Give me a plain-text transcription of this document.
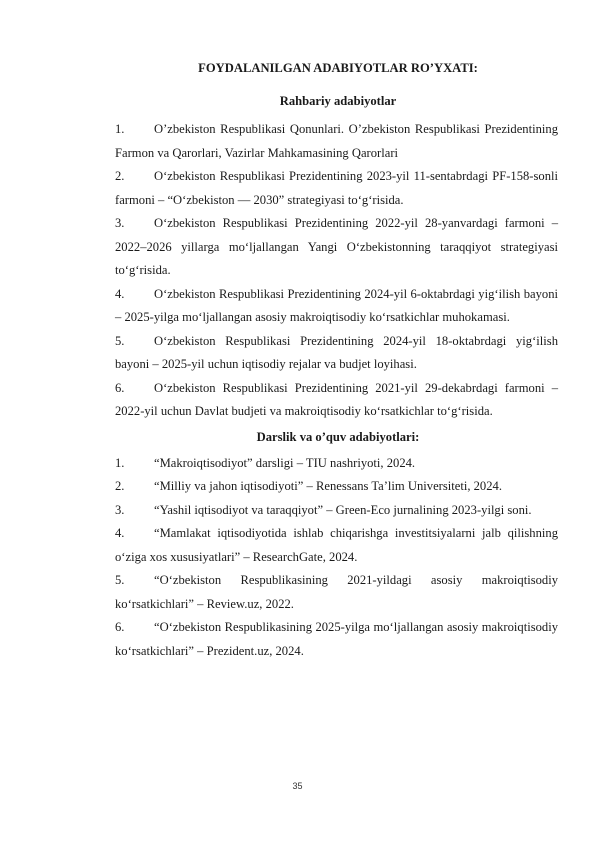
FOYDALANILGAN ADABIYOTLAR RO’YXATI:
Rahbariy adabiyotlar
1. O’zbekiston Respublikasi Qonunlari. O’zbekiston Respublikasi Prezidentining Farmon va Qarorlari, Vazirlar Mahkamasining Qarorlari
2. O‘zbekiston Respublikasi Prezidentining 2023-yil 11-sentabrdagi PF-158-sonli farmoni – “O‘zbekiston — 2030” strategiyasi to‘g‘risida.
3. O‘zbekiston Respublikasi Prezidentining 2022-yil 28-yanvardagi farmoni – 2022–2026 yillarga mo‘ljallangan Yangi O‘zbekistonning taraqqiyot strategiyasi to‘g‘risida.
4. O‘zbekiston Respublikasi Prezidentining 2024-yil 6-oktabrdagi yig‘ilish bayoni – 2025-yilga mo‘ljallangan asosiy makroiqtisodiy ko‘rsatkichlar muhokamasi.
5. O‘zbekiston Respublikasi Prezidentining 2024-yil 18-oktabrdagi yig‘ilish bayoni – 2025-yil uchun iqtisodiy rejalar va budjet loyihasi.
6. O‘zbekiston Respublikasi Prezidentining 2021-yil 29-dekabrdagi farmoni – 2022-yil uchun Davlat budjeti va makroiqtisodiy ko‘rsatkichlar to‘g‘risida.
Darslik va o’quv adabiyotlari:
1. “Makroiqtisodiyot” darsligi – TIU nashriyoti, 2024.
2. “Milliy va jahon iqtisodiyoti” – Renessans Ta’lim Universiteti, 2024.
3. “Yashil iqtisodiyot va taraqqiyot” – Green-Eco jurnalining 2023-yilgi soni.
4. “Mamlakat iqtisodiyotida ishlab chiqarishga investitsiyalarni jalb qilishning o‘ziga xos xususiyatlari” – ResearchGate, 2024.
5. “O‘zbekiston Respublikasining 2021-yildagi asosiy makroiqtisodiy ko‘rsatkichlari” – Review.uz, 2022.
6. “O‘zbekiston Respublikasining 2025-yilga mo‘ljallangan asosiy makroiqtisodiy ko‘rsatkichlari” – Prezident.uz, 2024.
35
